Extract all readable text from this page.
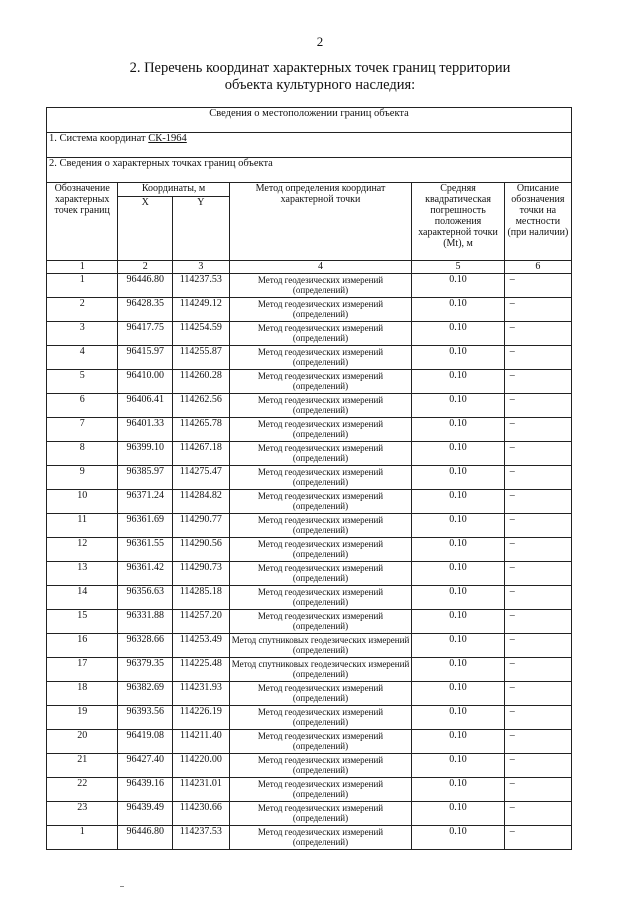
2
2. Перечень координат характерных точек границ территории
объекта культурного наследия:
Сведения о местоположении границ объекта					
1. Система координат СК-1964					
2. Сведения о характерных точках границ объекта					
Обозначение характерных точек границ	Координаты, м		Метод определения координат характерной точки	Средняя квадратическая погрешность положения характерной точки (Mt), м	Описание обозначения точки на местности (при наличии)
	X	Y			
1	2	3	4	5	6
1	96446.80	114237.53	Метод геодезических измерений (определений)	0.10	–
2	96428.35	114249.12	Метод геодезических измерений (определений)	0.10	–
3	96417.75	114254.59	Метод геодезических измерений (определений)	0.10	–
4	96415.97	114255.87	Метод геодезических измерений (определений)	0.10	–
5	96410.00	114260.28	Метод геодезических измерений (определений)	0.10	–
6	96406.41	114262.56	Метод геодезических измерений (определений)	0.10	–
7	96401.33	114265.78	Метод геодезических измерений (определений)	0.10	–
8	96399.10	114267.18	Метод геодезических измерений (определений)	0.10	–
9	96385.97	114275.47	Метод геодезических измерений (определений)	0.10	–
10	96371.24	114284.82	Метод геодезических измерений (определений)	0.10	–
11	96361.69	114290.77	Метод геодезических измерений (определений)	0.10	–
12	96361.55	114290.56	Метод геодезических измерений (определений)	0.10	–
13	96361.42	114290.73	Метод геодезических измерений (определений)	0.10	–
14	96356.63	114285.18	Метод геодезических измерений (определений)	0.10	–
15	96331.88	114257.20	Метод геодезических измерений (определений)	0.10	–
16	96328.66	114253.49	Метод спутниковых геодезических измерений (определений)	0.10	–
17	96379.35	114225.48	Метод спутниковых геодезических измерений (определений)	0.10	–
18	96382.69	114231.93	Метод геодезических измерений (определений)	0.10	–
19	96393.56	114226.19	Метод геодезических измерений (определений)	0.10	–
20	96419.08	114211.40	Метод геодезических измерений (определений)	0.10	–
21	96427.40	114220.00	Метод геодезических измерений (определений)	0.10	–
22	96439.16	114231.01	Метод геодезических измерений (определений)	0.10	–
23	96439.49	114230.66	Метод геодезических измерений (определений)	0.10	–
1	96446.80	114237.53	Метод геодезических измерений (определений)	0.10	–
